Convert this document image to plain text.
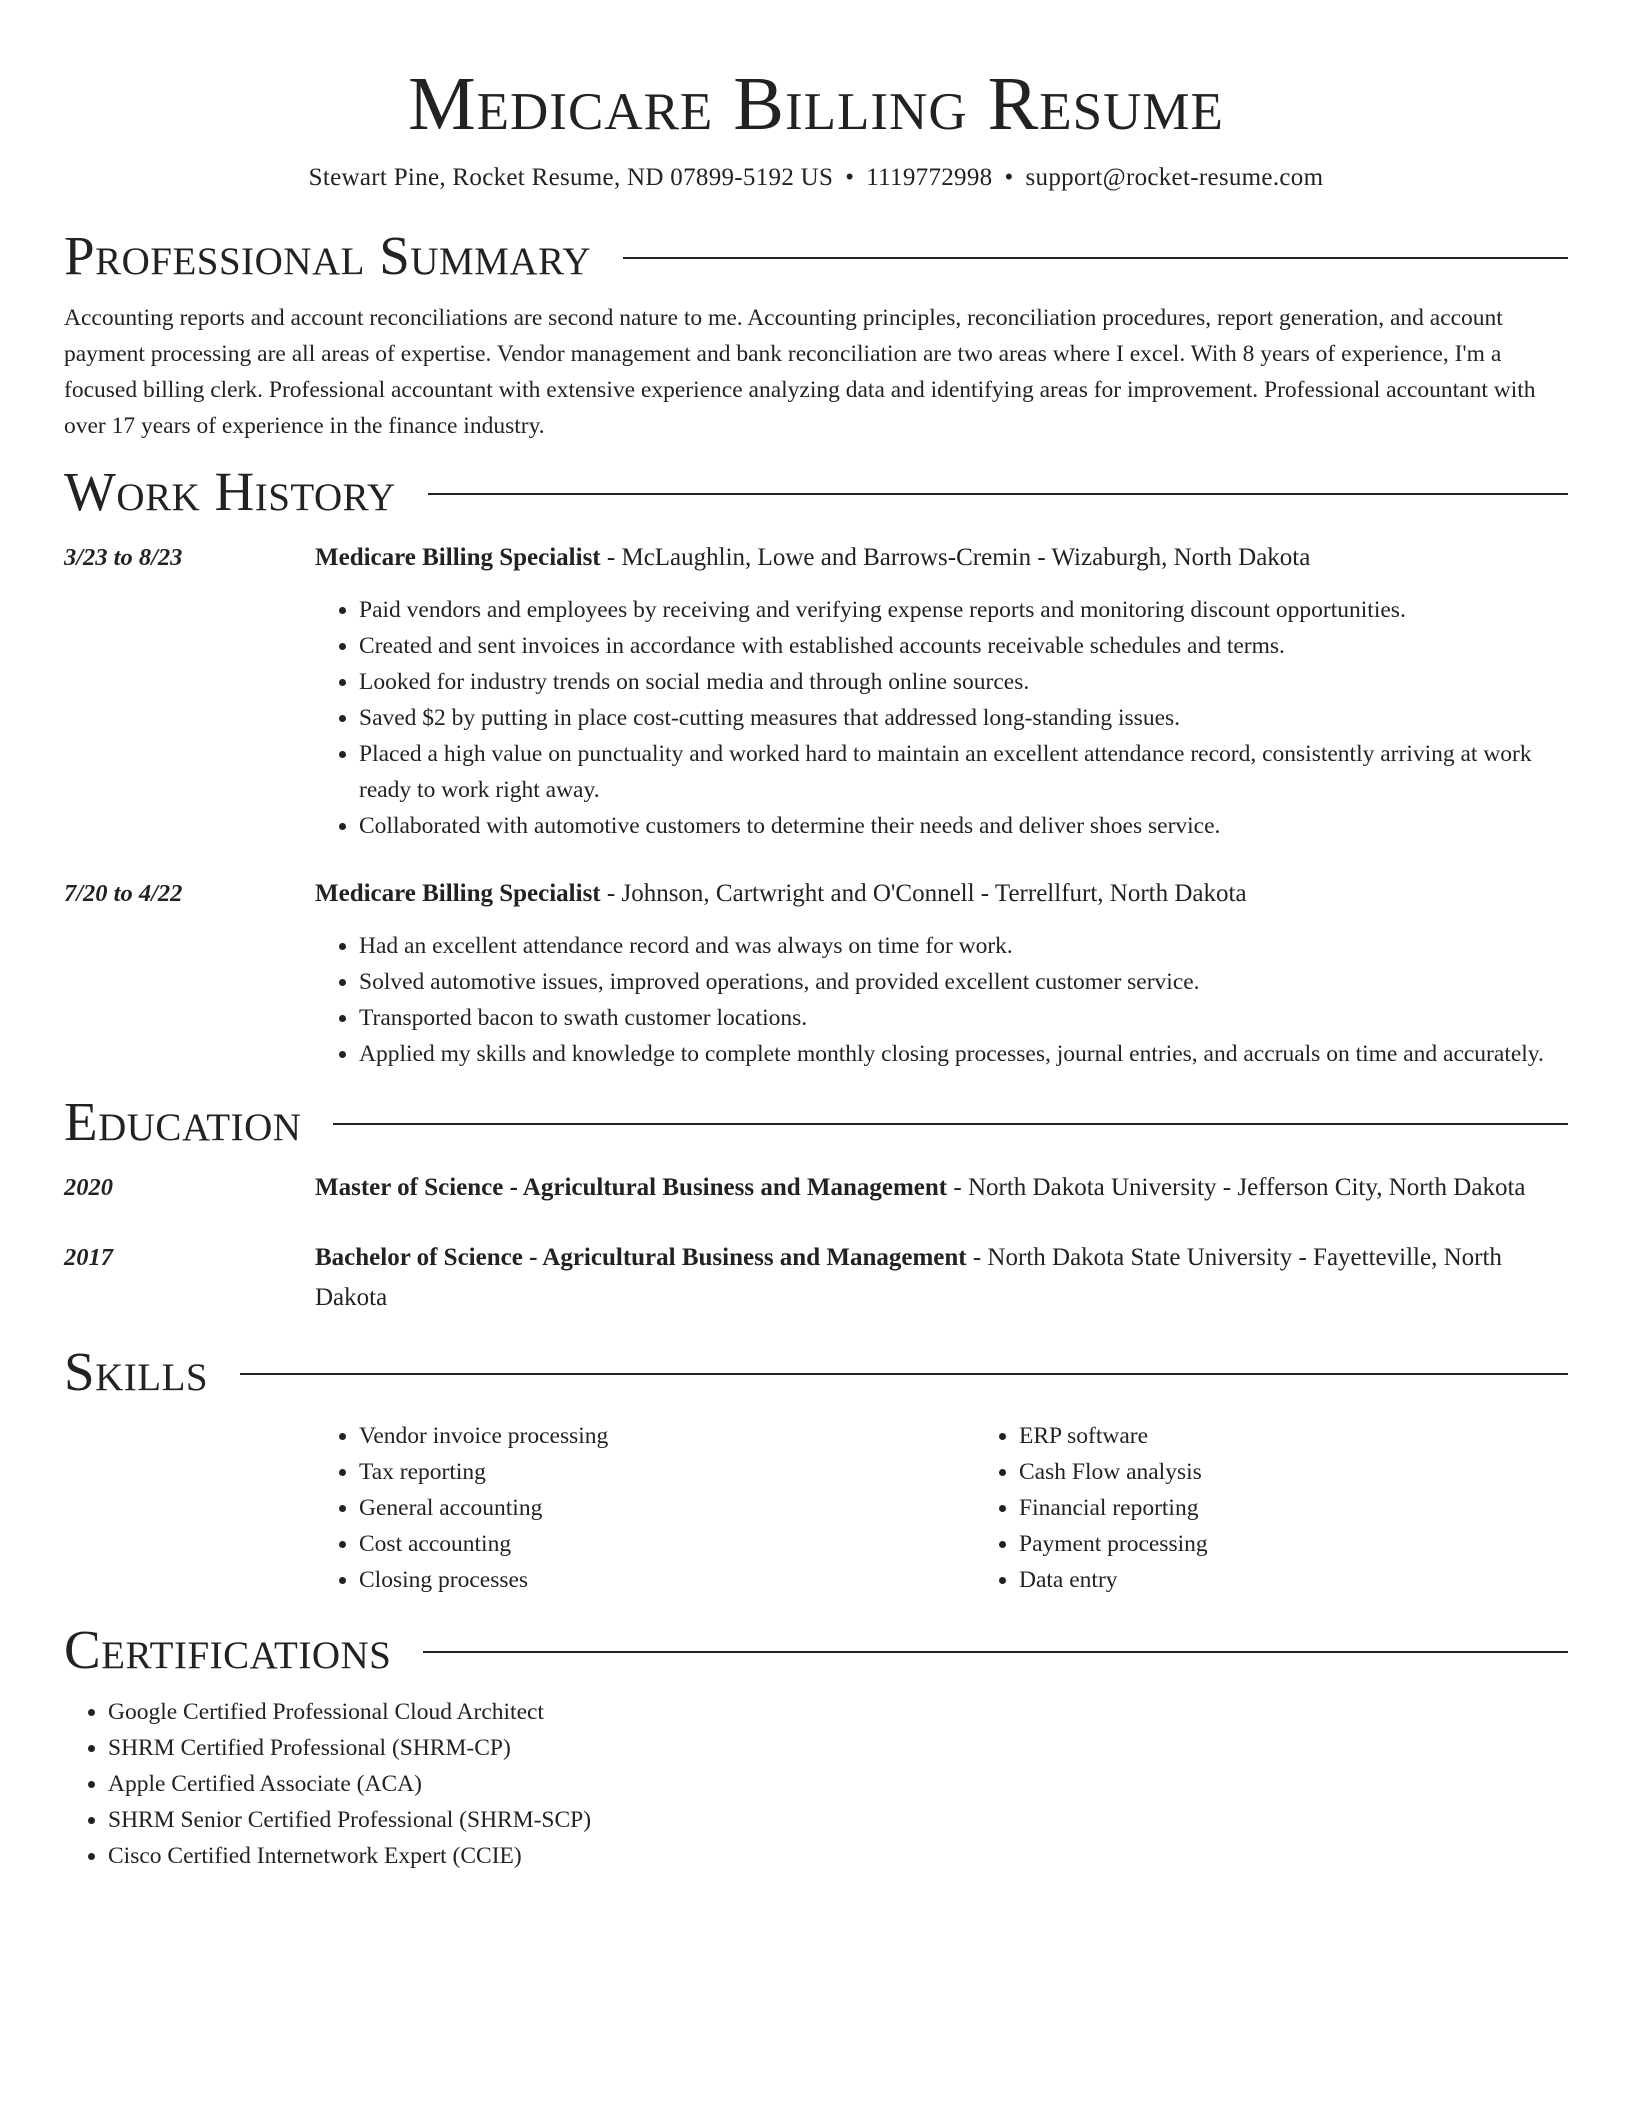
Medicare Billing Resume
Stewart Pine, Rocket Resume, ND 07899-5192 US • 1119772998 • support@rocket-resume.com
Professional Summary

Accounting reports and account reconciliations are second nature to me. Accounting principles, reconciliation procedures, report generation, and account payment processing are all areas of expertise. Vendor management and bank reconciliation are two areas where I excel. With 8 years of experience, I'm a focused billing clerk. Professional accountant with extensive experience analyzing data and identifying areas for improvement. Professional accountant with over 17 years of experience in the finance industry.

Work History
3/23 to 8/23	Medicare Billing Specialist - McLaughlin, Lowe and Barrows-Cremin - Wizaburgh, North Dakota
• Paid vendors and employees by receiving and verifying expense reports and monitoring discount opportunities.
• Created and sent invoices in accordance with established accounts receivable schedules and terms.
• Looked for industry trends on social media and through online sources.
• Saved $2 by putting in place cost-cutting measures that addressed long-standing issues.
• Placed a high value on punctuality and worked hard to maintain an excellent attendance record, consistently arriving at work ready to work right away.
• Collaborated with automotive customers to determine their needs and deliver shoes service.
7/20 to 4/22	Medicare Billing Specialist - Johnson, Cartwright and O'Connell - Terrellfurt, North Dakota
• Had an excellent attendance record and was always on time for work.
• Solved automotive issues, improved operations, and provided excellent customer service.
• Transported bacon to swath customer locations.
• Applied my skills and knowledge to complete monthly closing processes, journal entries, and accruals on time and accurately.
Education
2020	Master of Science - Agricultural Business and Management - North Dakota University - Jefferson City, North Dakota
2017	Bachelor of Science - Agricultural Business and Management - North Dakota State University - Fayetteville, North Dakota
Skills
• Vendor invoice processing
• Tax reporting
• General accounting
• Cost accounting
• Closing processes
• ERP software
• Cash Flow analysis
• Financial reporting
• Payment processing
• Data entry
Certifications
• Google Certified Professional Cloud Architect
• SHRM Certified Professional (SHRM-CP)
• Apple Certified Associate (ACA)
• SHRM Senior Certified Professional (SHRM-SCP)
• Cisco Certified Internetwork Expert (CCIE)
